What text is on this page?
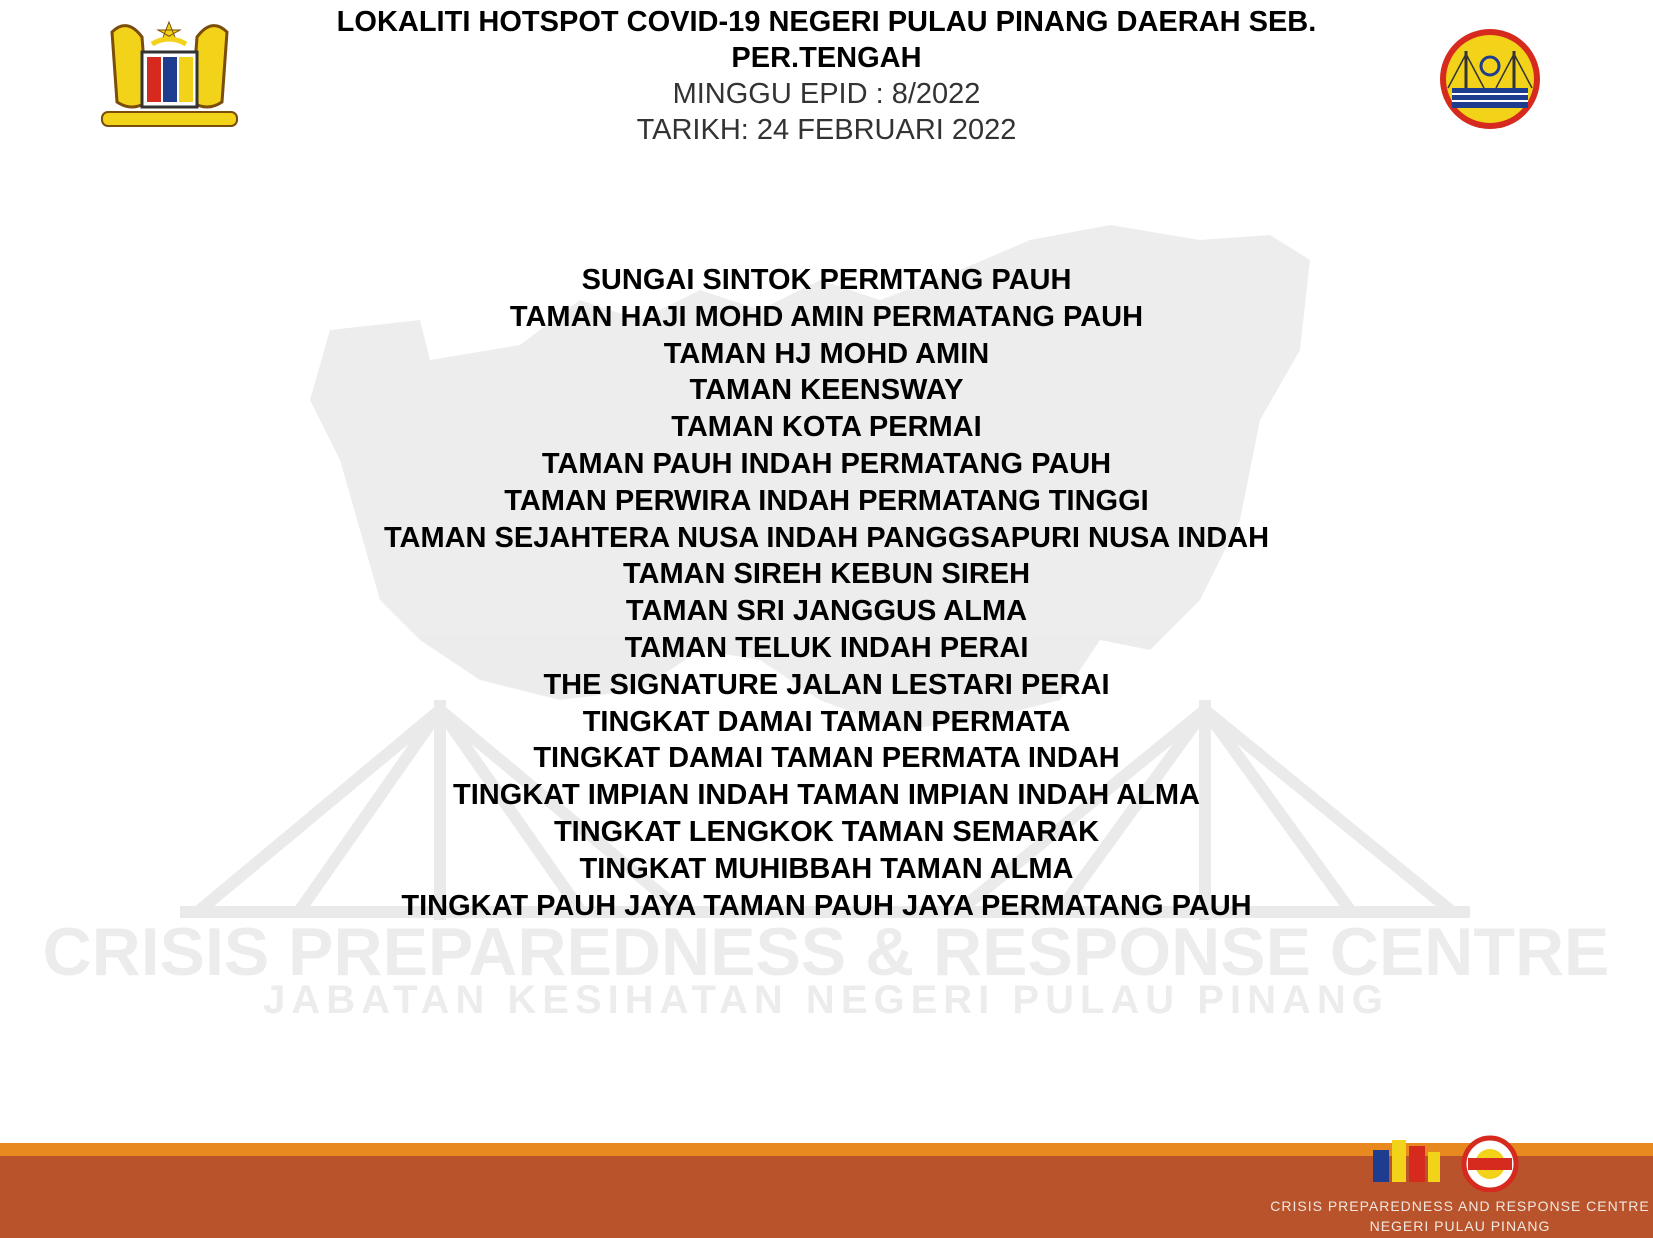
CRISIS PREPAREDNESS & RESPONSE CENTRE
JABATAN KESIHATAN NEGERI PULAU PINANG
LOKALITI HOTSPOT COVID-19 NEGERI PULAU PINANG DAERAH SEB.
PER.TENGAH
MINGGU EPID : 8/2022
TARIKH: 24 FEBRUARI 2022
SUNGAI SINTOK PERMTANG PAUH
TAMAN HAJI MOHD AMIN PERMATANG PAUH
TAMAN HJ MOHD AMIN
TAMAN KEENSWAY
TAMAN KOTA PERMAI
TAMAN PAUH INDAH PERMATANG PAUH
TAMAN PERWIRA INDAH PERMATANG TINGGI
TAMAN SEJAHTERA NUSA INDAH PANGGSAPURI NUSA INDAH
TAMAN SIREH KEBUN SIREH
TAMAN SRI JANGGUS ALMA
TAMAN TELUK INDAH PERAI
THE SIGNATURE JALAN LESTARI PERAI
TINGKAT DAMAI TAMAN PERMATA
TINGKAT DAMAI TAMAN PERMATA INDAH
TINGKAT IMPIAN INDAH TAMAN IMPIAN INDAH ALMA
TINGKAT LENGKOK TAMAN SEMARAK
TINGKAT MUHIBBAH TAMAN ALMA
TINGKAT PAUH JAYA TAMAN PAUH JAYA PERMATANG PAUH
CRISIS PREPAREDNESS AND RESPONSE CENTRE
NEGERI PULAU PINANG
